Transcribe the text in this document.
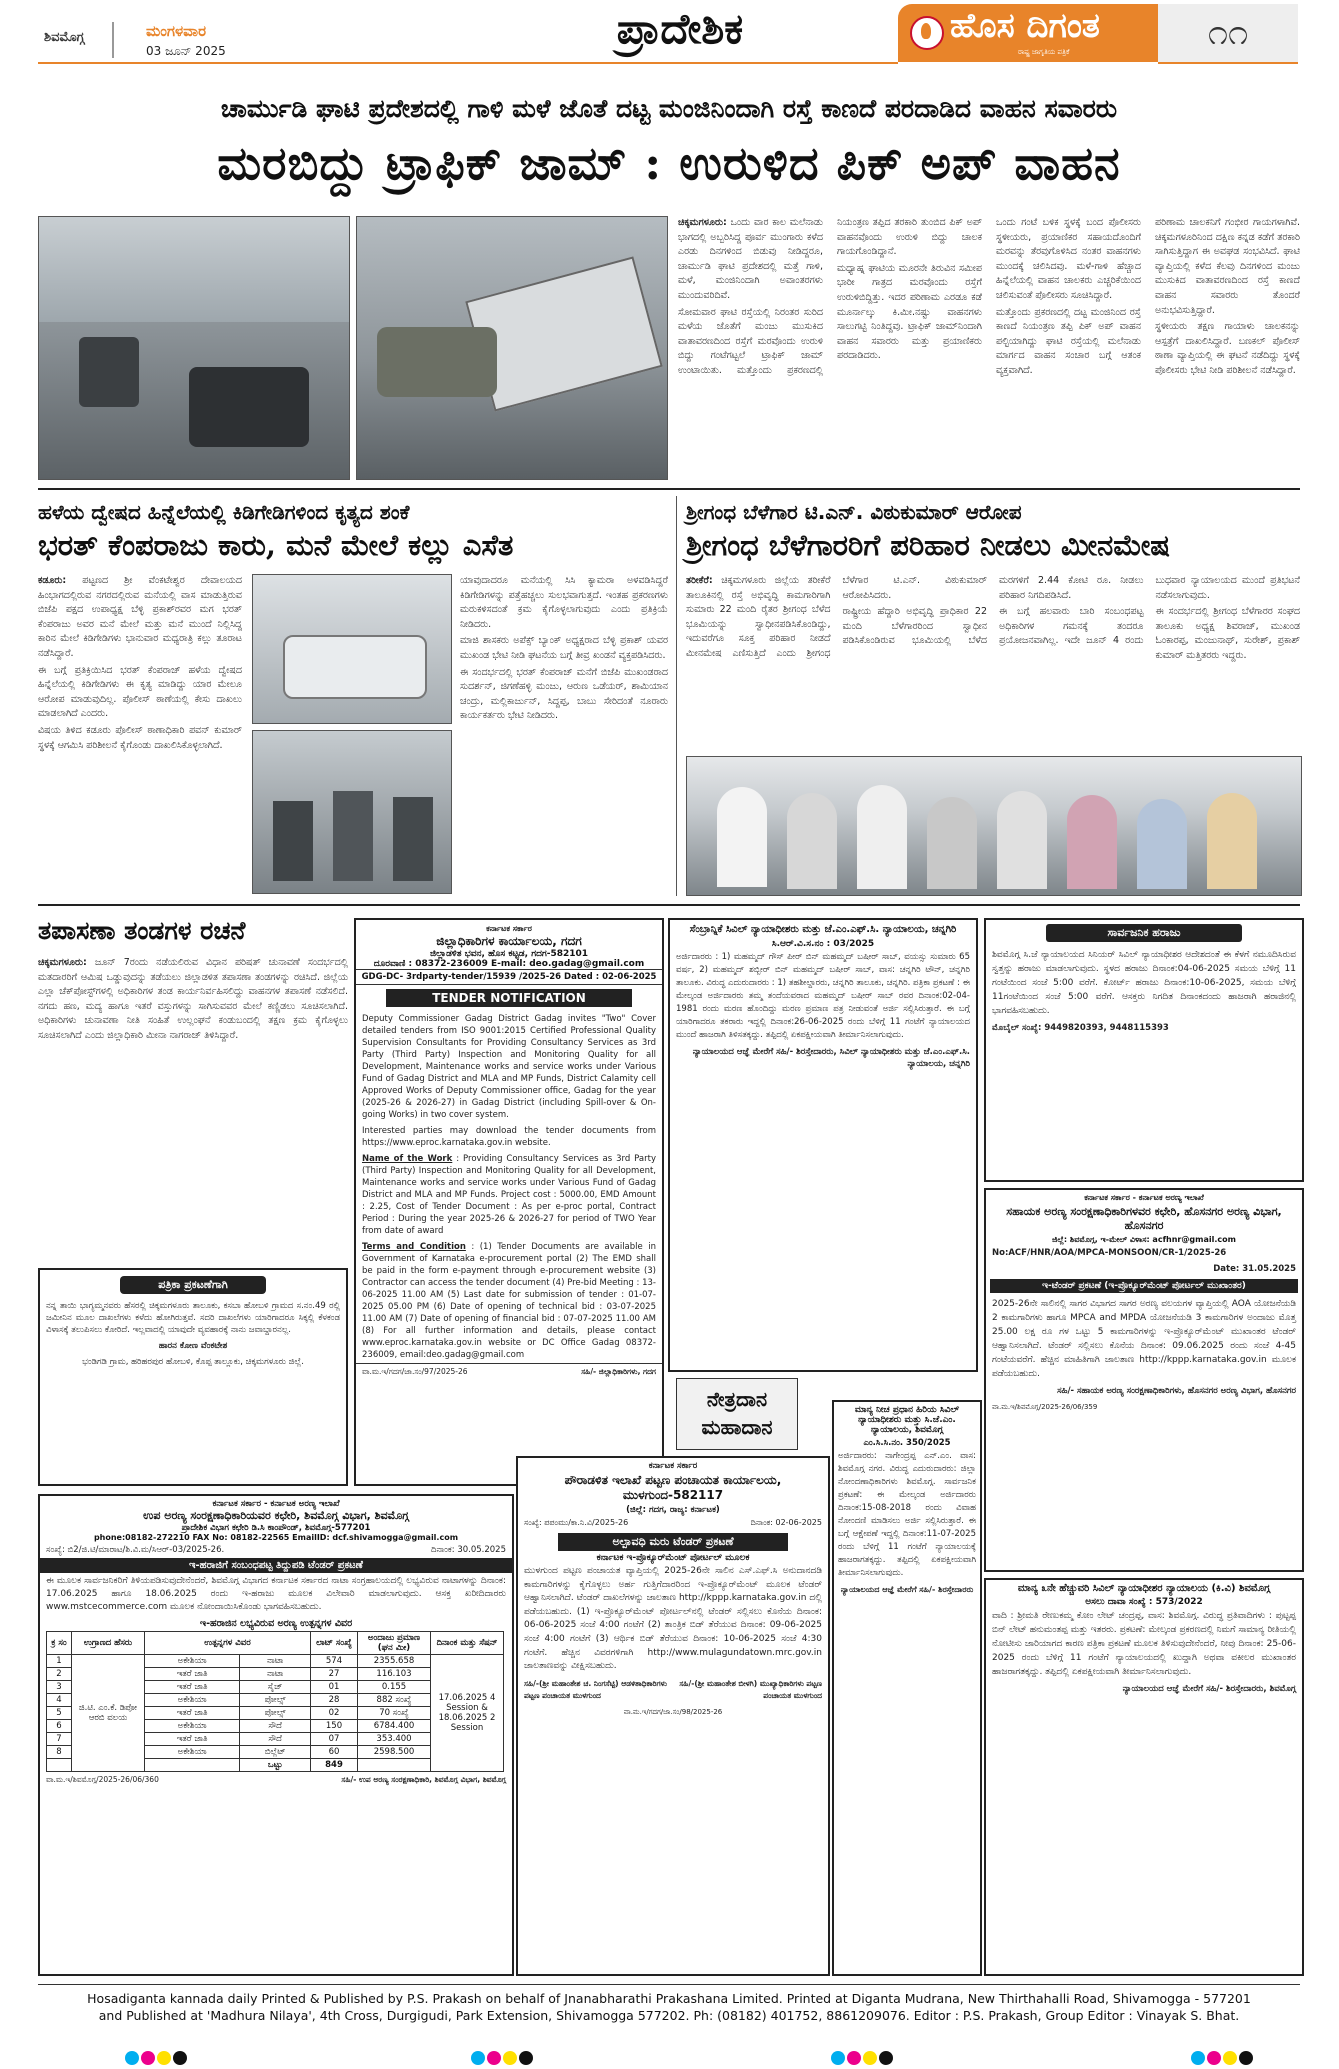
ಶಿವಮೊಗ್ಗ	ಮಂಗಳವಾರ
03 ಜೂನ್ 2025	ಪ್ರಾದೇಶಿಕ	ಹೊಸ ದಿಗಂತ
ರಾಷ್ಟ್ರ ಜಾಗೃತಿಯ ಪತ್ರಿಕೆ	೧೧
ಚಾರ್ಮುಡಿ ಘಾಟಿ ಪ್ರದೇಶದಲ್ಲಿ ಗಾಳಿ ಮಳೆ ಜೊತೆ ದಟ್ಟ ಮಂಜಿನಿಂದಾಗಿ ರಸ್ತೆ ಕಾಣದೆ ಪರದಾಡಿದ ವಾಹನ ಸವಾರರು
ಮರಬಿದ್ದು ಟ್ರಾಫಿಕ್ ಜಾಮ್ : ಉರುಳಿದ ಪಿಕ್ ಅಪ್ ವಾಹನ

ಚಿಕ್ಕಮಗಳೂರು: ಒಂದು ವಾರ ಕಾಲ ಮಲೆನಾಡು ಭಾಗದಲ್ಲಿ ಅಬ್ಬರಿಸಿದ್ದ ಪೂರ್ವ ಮುಂಗಾರು ಕಳೆದ ಎರಡು ದಿನಗಳಿಂದ ಬಿಡುವು ನೀಡಿದ್ದರೂ, ಚಾರ್ಮುಡಿ ಘಾಟಿ ಪ್ರದೇಶದಲ್ಲಿ ಮತ್ತೆ ಗಾಳಿ, ಮಳೆ, ಮಂಜಿನಿಂದಾಗಿ ಅವಾಂತರಗಳು ಮುಂದುವರಿದಿವೆ.

ಸೋಮವಾರ ಘಾಟಿ ರಸ್ತೆಯಲ್ಲಿ ನಿರಂತರ ಸುರಿದ ಮಳೆಯ ಜೊತೆಗೆ ಮಂಜು ಮುಸುಕಿದ ವಾತಾವರಣದಿಂದ ರಸ್ತೆಗೆ ಮರವೊಂದು ಉರುಳಿ ಬಿದ್ದು ಗಂಟೆಗಟ್ಟಲೆ ಟ್ರಾಫಿಕ್ ಜಾಮ್ ಉಂಟಾಯಿತು. ಮತ್ತೊಂದು ಪ್ರಕರಣದಲ್ಲಿ ನಿಯಂತ್ರಣ ತಪ್ಪಿದ ತರಕಾರಿ ತುಂಬಿದ ಪಿಕ್ ಅಪ್ ವಾಹನವೊಂದು ಉರುಳಿ ಬಿದ್ದು ಚಾಲಕ ಗಾಯಗೊಂಡಿದ್ದಾನೆ.

ಮಧ್ಯಾಹ್ನ ಘಾಟಿಯ ಮೂರನೇ ತಿರುವಿನ ಸಮೀಪ ಭಾರೀ ಗಾತ್ರದ ಮರವೊಂದು ರಸ್ತೆಗೆ ಉರುಳಿಬಿದ್ದಿತ್ತು. ಇದರ ಪರಿಣಾಮ ಎರಡೂ ಕಡೆ ಮೂರ್ನಾಲ್ಕು ಕಿ.ಮೀ.ನಷ್ಟು ವಾಹನಗಳು ಸಾಲುಗಟ್ಟಿ ನಿಂತಿದ್ದವು. ಟ್ರಾಫಿಕ್ ಜಾಮ್‌ನಿಂದಾಗಿ ವಾಹನ ಸವಾರರು ಮತ್ತು ಪ್ರಯಾಣಿಕರು ಪರದಾಡಿದರು.

ಒಂದು ಗಂಟೆ ಬಳಿಕ ಸ್ಥಳಕ್ಕೆ ಬಂದ ಪೊಲೀಸರು ಸ್ಥಳೀಯರು, ಪ್ರಯಾಣಿಕರ ಸಹಾಯದೊಂದಿಗೆ ಮರವನ್ನು ತೆರವುಗೊಳಿಸಿದ ನಂತರ ವಾಹನಗಳು ಮುಂದಕ್ಕೆ ಚಲಿಸಿದವು. ಮಳೆ-ಗಾಳಿ ಹೆಚ್ಚಾದ ಹಿನ್ನೆಲೆಯಲ್ಲಿ ವಾಹನ ಚಾಲಕರು ಎಚ್ಚರಿಕೆಯಿಂದ ಚಲಿಸುವಂತೆ ಪೊಲೀಸರು ಸೂಚಿಸಿದ್ದಾರೆ.

ಮತ್ತೊಂದು ಪ್ರಕರಣದಲ್ಲಿ ದಟ್ಟ ಮಂಜಿನಿಂದ ರಸ್ತೆ ಕಾಣದೆ ನಿಯಂತ್ರಣ ತಪ್ಪಿ ಪಿಕ್ ಅಪ್ ವಾಹನ ಪಲ್ಟಿಯಾಗಿದ್ದು ಘಾಟಿ ರಸ್ತೆಯಲ್ಲಿ ಮಲೆನಾಡು ಮಾರ್ಗದ ವಾಹನ ಸಂಚಾರ ಬಗ್ಗೆ ಆತಂಕ ವ್ಯಕ್ತವಾಗಿದೆ.

ಪರಿಣಾಮ ಚಾಲಕನಿಗೆ ಗಂಭೀರ ಗಾಯಗಳಾಗಿವೆ. ಚಿಕ್ಕಮಗಳೂರಿನಿಂದ ದಕ್ಷಿಣ ಕನ್ನಡ ಕಡೆಗೆ ತರಕಾರಿ ಸಾಗಿಸುತ್ತಿದ್ದಾಗ ಈ ಅವಘಡ ಸಂಭವಿಸಿದೆ. ಘಾಟಿ ವ್ಯಾಪ್ತಿಯಲ್ಲಿ ಕಳೆದ ಕೆಲವು ದಿನಗಳಿಂದ ಮಂಜು ಮುಸುಕಿದ ವಾತಾವರಣದಿಂದ ರಸ್ತೆ ಕಾಣದೆ ವಾಹನ ಸವಾರರು ತೊಂದರೆ ಅನುಭವಿಸುತ್ತಿದ್ದಾರೆ.

ಸ್ಥಳೀಯರು ತಕ್ಷಣ ಗಾಯಾಳು ಚಾಲಕನನ್ನು ಆಸ್ಪತ್ರೆಗೆ ದಾಖಲಿಸಿದ್ದಾರೆ. ಬಣಕಲ್ ಪೊಲೀಸ್ ಠಾಣಾ ವ್ಯಾಪ್ತಿಯಲ್ಲಿ ಈ ಘಟನೆ ನಡೆದಿದ್ದು ಸ್ಥಳಕ್ಕೆ ಪೊಲೀಸರು ಭೇಟಿ ನೀಡಿ ಪರಿಶೀಲನೆ ನಡೆಸಿದ್ದಾರೆ.

ಹಳೆಯ ದ್ವೇಷದ ಹಿನ್ನೆಲೆಯಲ್ಲಿ ಕಿಡಿಗೇಡಿಗಳಿಂದ ಕೃತ್ಯದ ಶಂಕೆ
ಭರತ್ ಕೆಂಪರಾಜು ಕಾರು, ಮನೆ ಮೇಲೆ ಕಲ್ಲು ಎಸೆತ

ಕಡೂರು: ಪಟ್ಟಣದ ಶ್ರೀ ವೆಂಕಟೇಶ್ವರ ದೇವಾಲಯದ ಹಿಂಭಾಗದಲ್ಲಿರುವ ನಗರದಲ್ಲಿರುವ ಮನೆಯಲ್ಲಿ ವಾಸ ಮಾಡುತ್ತಿರುವ ಬಿಜೆಪಿ ಪಕ್ಷದ ಉಪಾಧ್ಯಕ್ಷ ಬೆಳ್ಳಿ ಪ್ರಕಾಶ್‌ರವರ ಮಗ ಭರತ್ ಕೆಂಪರಾಜು ಅವರ ಮನೆ ಮೇಲೆ ಮತ್ತು ಮನೆ ಮುಂದೆ ನಿಲ್ಲಿಸಿದ್ದ ಕಾರಿನ ಮೇಲೆ ಕಿಡಿಗೇಡಿಗಳು ಭಾನುವಾರ ಮಧ್ಯರಾತ್ರಿ ಕಲ್ಲು ತೂರಾಟ ನಡೆಸಿದ್ದಾರೆ.

ಈ ಬಗ್ಗೆ ಪ್ರತಿಕ್ರಿಯಿಸಿದ ಭರತ್ ಕೆಂಪರಾಜ್ ಹಳೆಯ ದ್ವೇಷದ ಹಿನ್ನೆಲೆಯಲ್ಲಿ ಕಿಡಿಗೇಡಿಗಳು ಈ ಕೃತ್ಯ ಮಾಡಿದ್ದು ಯಾರ ಮೇಲೂ ಆರೋಪ ಮಾಡುವುದಿಲ್ಲ. ಪೊಲೀಸ್ ಠಾಣೆಯಲ್ಲಿ ಕೇಸು ದಾಖಲು ಮಾಡಲಾಗಿದೆ ಎಂದರು.

ವಿಷಯ ತಿಳಿದ ಕಡೂರು ಪೊಲೀಸ್ ಠಾಣಾಧಿಕಾರಿ ಪವನ್ ಕುಮಾರ್ ಸ್ಥಳಕ್ಕೆ ಆಗಮಿಸಿ ಪರಿಶೀಲನೆ ಕೈಗೊಂಡು ದಾಖಲಿಸಿಕೊಳ್ಳಲಾಗಿದೆ.

ಯಾವುದಾದರೂ ಮನೆಯಲ್ಲಿ ಸಿಸಿ ಕ್ಯಾಮರಾ ಅಳವಡಿಸಿದ್ದರೆ ಕಿಡಿಗೇಡಿಗಳನ್ನು ಪತ್ತೆಹಚ್ಚಲು ಸುಲಭವಾಗುತ್ತದೆ. ಇಂತಹ ಪ್ರಕರಣಗಳು ಮರುಕಳಿಸದಂತೆ ಕ್ರಮ ಕೈಗೊಳ್ಳಲಾಗುವುದು ಎಂದು ಪ್ರತಿಕ್ರಿಯೆ ನೀಡಿದರು.

ಮಾಜಿ ಶಾಸಕರು ಅಪೆಕ್ಸ್ ಬ್ಯಾಂಕ್ ಅಧ್ಯಕ್ಷರಾದ ಬೆಳ್ಳಿ ಪ್ರಕಾಶ್ ಯವರ ಮುಖಂಡ ಭೇಟಿ ನೀಡಿ ಘಟನೆಯ ಬಗ್ಗೆ ತೀವ್ರ ಖಂಡನೆ ವ್ಯಕ್ತಪಡಿಸಿದರು.

ಈ ಸಂದರ್ಭದಲ್ಲಿ ಭರತ್ ಕೆಂಪರಾಜ್ ಮನೆಗೆ ಬಿಜೆಪಿ ಮುಖಂಡರಾದ ಸುದರ್ಶನ್, ಜಿಗಣೆಹಳ್ಳಿ ಮಂಜು, ಆರುಣ ಒಡೆಯರ್, ಶಾಮಿಯಾನ ಚಂದ್ರು, ಮಲ್ಲಿಕಾರ್ಜುನ್, ಸಿದ್ದಪ್ಪ, ಬಾಬು ಸೇರಿದಂತೆ ನೂರಾರು ಕಾರ್ಯಕರ್ತರು ಭೇಟಿ ನೀಡಿದರು.

ಶ್ರೀಗಂಧ ಬೆಳೆಗಾರ ಟಿ.ಎನ್. ವಿಠುಕುಮಾರ್ ಆರೋಪ
ಶ್ರೀಗಂಧ ಬೆಳೆಗಾರರಿಗೆ ಪರಿಹಾರ ನೀಡಲು ಮೀನಮೇಷ

ತರೀಕೆರೆ: ಚಿಕ್ಕಮಗಳೂರು ಜಿಲ್ಲೆಯ ತರೀಕೆರೆ ತಾಲೂಕಿನಲ್ಲಿ ರಸ್ತೆ ಅಭಿವೃದ್ಧಿ ಕಾಮಗಾರಿಗಾಗಿ ಸುಮಾರು 22 ಮಂದಿ ರೈತರ ಶ್ರೀಗಂಧ ಬೆಳೆದ ಭೂಮಿಯನ್ನು ಸ್ವಾಧೀನಪಡಿಸಿಕೊಂಡಿದ್ದು, ಇದುವರೆಗೂ ಸೂಕ್ತ ಪರಿಹಾರ ನೀಡದೆ ಮೀನಮೇಷ ಎಣಿಸುತ್ತಿದೆ ಎಂದು ಶ್ರೀಗಂಧ ಬೆಳೆಗಾರ ಟಿ.ಎನ್. ವಿಠುಕುಮಾರ್ ಆರೋಪಿಸಿದರು.

ರಾಷ್ಟ್ರೀಯ ಹೆದ್ದಾರಿ ಅಭಿವೃದ್ಧಿ ಪ್ರಾಧಿಕಾರ 22 ಮಂದಿ ಬೆಳೆಗಾರರಿಂದ ಸ್ವಾಧೀನ ಪಡಿಸಿಕೊಂಡಿರುವ ಭೂಮಿಯಲ್ಲಿ ಬೆಳೆದ ಮರಗಳಿಗೆ 2.44 ಕೋಟಿ ರೂ. ನೀಡಲು ಪರಿಹಾರ ನಿಗದಿಪಡಿಸಿದೆ.

ಈ ಬಗ್ಗೆ ಹಲವಾರು ಬಾರಿ ಸಂಬಂಧಪಟ್ಟ ಅಧಿಕಾರಿಗಳ ಗಮನಕ್ಕೆ ತಂದರೂ ಪ್ರಯೋಜನವಾಗಿಲ್ಲ. ಇದೇ ಜೂನ್ 4 ರಂದು ಬುಧವಾರ ನ್ಯಾಯಾಲಯದ ಮುಂದೆ ಪ್ರತಿಭಟನೆ ನಡೆಸಲಾಗುವುದು.

ಈ ಸಂದರ್ಭದಲ್ಲಿ ಶ್ರೀಗಂಧ ಬೆಳೆಗಾರರ ಸಂಘದ ತಾಲೂಕು ಅಧ್ಯಕ್ಷ ಶಿವರಾಜ್, ಮುಖಂಡ ಓಂಕಾರಪ್ಪ, ಮಂಜುನಾಥ್, ಸುರೇಶ್, ಪ್ರಕಾಶ್ ಕುಮಾರ್ ಮತ್ತಿತರರು ಇದ್ದರು.

ತಪಾಸಣಾ ತಂಡಗಳ ರಚನೆ

ಚಿಕ್ಕಮಗಳೂರು: ಜೂನ್ 7ರಂದು ನಡೆಯಲಿರುವ ವಿಧಾನ ಪರಿಷತ್ ಚುನಾವಣೆ ಸಂದರ್ಭದಲ್ಲಿ ಮತದಾರರಿಗೆ ಆಮಿಷ ಒಡ್ಡುವುದನ್ನು ತಡೆಯಲು ಜಿಲ್ಲಾಡಳಿತ ತಪಾಸಣಾ ತಂಡಗಳನ್ನು ರಚಿಸಿದೆ. ಜಿಲ್ಲೆಯ ಎಲ್ಲಾ ಚೆಕ್‌ಪೋಸ್ಟ್‌ಗಳಲ್ಲಿ ಅಧಿಕಾರಿಗಳ ತಂಡ ಕಾರ್ಯನಿರ್ವಹಿಸಲಿದ್ದು ವಾಹನಗಳ ತಪಾಸಣೆ ನಡೆಸಲಿದೆ. ನಗದು ಹಣ, ಮದ್ಯ ಹಾಗೂ ಇತರೆ ವಸ್ತುಗಳನ್ನು ಸಾಗಿಸುವವರ ಮೇಲೆ ಕಣ್ಣಿಡಲು ಸೂಚಿಸಲಾಗಿದೆ. ಅಧಿಕಾರಿಗಳು ಚುನಾವಣಾ ನೀತಿ ಸಂಹಿತೆ ಉಲ್ಲಂಘನೆ ಕಂಡುಬಂದಲ್ಲಿ ತಕ್ಷಣ ಕ್ರಮ ಕೈಗೊಳ್ಳಲು ಸೂಚಿಸಲಾಗಿದೆ ಎಂದು ಜಿಲ್ಲಾಧಿಕಾರಿ ಮೀನಾ ನಾಗರಾಜ್ ತಿಳಿಸಿದ್ದಾರೆ.

ಪತ್ರಿಕಾ ಪ್ರಕಟಣೆಗಾಗಿ
ನನ್ನ ತಾಯಿ ಭಾಗ್ಯಮ್ಮನವರು ಹೆಸರಲ್ಲಿ ಚಿಕ್ಕಮಗಳೂರು ತಾಲೂಕು, ಕಸಬಾ ಹೋಬಳಿ ಗ್ರಾಮದ ಸ.ನಂ.49 ರಲ್ಲಿ ಜಮೀನಿನ ಮೂಲ ದಾಖಲೆಗಳು ಕಳೆದು ಹೋಗಿರುತ್ತವೆ. ಸದರಿ ದಾಖಲೆಗಳು ಯಾರಿಗಾದರೂ ಸಿಕ್ಕಲ್ಲಿ ಕೆಳಕಂಡ ವಿಳಾಸಕ್ಕೆ ತಲುಪಿಸಲು ಕೋರಿದೆ. ಇಲ್ಲವಾದಲ್ಲಿ ಯಾವುದೇ ವ್ಯವಹಾರಕ್ಕೆ ನಾನು ಜವಾಬ್ದಾರನಲ್ಲ.
ಹಾರನ ಕೋಣ ವೆಂಕಟೇಶ
ಭಂಡಿಗಡಿ ಗ್ರಾಮ, ಹರಿಹರಪುರ ಹೋಬಳಿ, ಕೊಪ್ಪ ತಾಲ್ಲೂಕು, ಚಿಕ್ಕಮಗಳೂರು ಜಿಲ್ಲೆ.
ಕರ್ನಾಟಕ ಸರ್ಕಾರ
ಜಿಲ್ಲಾಧಿಕಾರಿಗಳ ಕಾರ್ಯಾಲಯ, ಗದಗ
ಜಿಲ್ಲಾಡಳಿತ ಭವನ, ಹೊಸ ಕಟ್ಟಡ, ಗದಗ-582101
ದೂರವಾಣಿ : 08372-236009 E-mail: deo.gadag@gmail.com
GDG-DC- 3rdparty-tender/15939 /2025-26 Dated : 02-06-2025
TENDER NOTIFICATION
Deputy Commissioner Gadag District Gadag invites "Two" Cover detailed tenders from ISO 9001:2015 Certified Professional Quality Supervision Consultants for Providing Consultancy Services as 3rd Party (Third Party) Inspection and Monitoring Quality for all Development, Maintenance works and service works under Various Fund of Gadag District and MLA and MP Funds, District Calamity cell Approved Works of Deputy Commissioner office, Gadag for the year (2025-26 & 2026-27) in Gadag District (including Spill-over & On-going Works) in two cover system.
Interested parties may download the tender documents from https://www.eproc.karnataka.gov.in website.
Name of the Work : Providing Consultancy Services as 3rd Party (Third Party) Inspection and Monitoring Quality for all Development, Maintenance works and service works under Various Fund of Gadag District and MLA and MP Funds. Project cost : 5000.00, EMD Amount : 2.25, Cost of Tender Document : As per e-proc portal, Contract Period : During the year 2025-26 & 2026-27 for period of TWO Year from date of award
Terms and Condition : (1) Tender Documents are available in Government of Karnataka e-procurement portal (2) The EMD shall be paid in the form e-payment through e-procurement website (3) Contractor can access the tender document (4) Pre-bid Meeting : 13-06-2025 11.00 AM (5) Last date for submission of tender : 01-07-2025 05.00 PM (6) Date of opening of technical bid : 03-07-2025 11.00 AM (7) Date of opening of financial bid : 07-07-2025 11.00 AM (8) For all further information and details, please contact www.eproc.karnataka.gov.in website or DC Office Gadag 08372-236009, email:deo.gadag@gmail.com
ವಾ.ಮ.ಇ/ಗದಗ/ಜಾ.ಸಂ/97/2025-26	ಸಹಿ/- ಜಿಲ್ಲಾಧಿಕಾರಿಗಳು, ಗದಗ
ಸೆಂಬ್ರಾನ್ನಿಕೆ ಸಿವಿಲ್ ನ್ಯಾಯಾಧೀಶರು ಮತ್ತು ಜೆ.ಎಂ.ಎಫ್.ಸಿ. ನ್ಯಾಯಾಲಯ, ಚನ್ನಗಿರಿ
ಸಿ.ಆರ್.ವಿ.ಸ.ನಂ : 03/2025
ಅರ್ಜಿದಾರರು : 1) ಮಹಮ್ಮದ್ ಗೌಸ್ ಪೀರ್ ಬಿನ್ ಮಹಮ್ಮದ್ ಬಷೀರ್ ಸಾಬ್, ವಯಸ್ಸು ಸುಮಾರು 65 ವರ್ಷ, 2) ಮಹಮ್ಮದ್ ಶಬ್ಬೀರ್ ಬಿನ್ ಮಹಮ್ಮದ್ ಬಷೀರ್ ಸಾಬ್, ವಾಸ: ಚನ್ನಗಿರಿ ಟೌನ್, ಚನ್ನಗಿರಿ ತಾಲೂಕು. ವಿರುದ್ಧ ಎದುರುದಾರರು : 1) ತಹಶೀಲ್ದಾರರು, ಚನ್ನಗಿರಿ ತಾಲೂಕು, ಚನ್ನಗಿರಿ. ಪತ್ರಿಕಾ ಪ್ರಕಟಣೆ : ಈ ಮೇಲ್ಕಂಡ ಅರ್ಜಿದಾರರು ತಮ್ಮ ತಂದೆಯವರಾದ ಮಹಮ್ಮದ್ ಬಷೀರ್ ಸಾಬ್ ರವರ ದಿನಾಂಕ:02-04-1981 ರಂದು ಮರಣ ಹೊಂದಿದ್ದು ಮರಣ ಪ್ರಮಾಣ ಪತ್ರ ನೀಡುವಂತೆ ಅರ್ಜಿ ಸಲ್ಲಿಸಿರುತ್ತಾರೆ. ಈ ಬಗ್ಗೆ ಯಾರಿಗಾದರೂ ತಕರಾರು ಇದ್ದಲ್ಲಿ ದಿನಾಂಕ:26-06-2025 ರಂದು ಬೆಳಿಗ್ಗೆ 11 ಗಂಟೆಗೆ ನ್ಯಾಯಾಲಯದ ಮುಂದೆ ಹಾಜರಾಗಿ ತಿಳಿಸತಕ್ಕದ್ದು. ತಪ್ಪಿದಲ್ಲಿ ಏಕಪಕ್ಷೀಯವಾಗಿ ತೀರ್ಮಾನಿಸಲಾಗುವುದು.
ನ್ಯಾಯಾಲಯದ ಆಜ್ಞೆ ಮೇರೆಗೆ ಸಹಿ/- ಶಿರಸ್ತೇದಾರರು, ಸಿವಿಲ್ ನ್ಯಾಯಾಧೀಶರು ಮತ್ತು ಜೆ.ಎಂ.ಎಫ್.ಸಿ. ನ್ಯಾಯಾಲಯ, ಚನ್ನಗಿರಿ
ನೇತ್ರದಾನ ಮಹಾದಾನ
ಸಾರ್ವಜನಿಕ ಹರಾಜು
ಶಿವಮೊಗ್ಗ ಸಿ.ಜೆ ನ್ಯಾಯಾಲಯದ ಸಿನಿಯರ್ ಸಿವಿಲ್ ನ್ಯಾಯಾಧೀಶರ ಆದೇಶದಂತೆ ಈ ಕೆಳಗೆ ನಮೂದಿಸಿರುವ ಸ್ವತ್ತನ್ನು ಹರಾಜು ಮಾಡಲಾಗುವುದು. ಸ್ಥಳದ ಹರಾಜು ದಿನಾಂಕ:04-06-2025 ಸಮಯ ಬೆಳಿಗ್ಗೆ 11 ಗಂಟೆಯಿಂದ ಸಂಜೆ 5:00 ವರೆಗೆ. ಕೋರ್ಟ್ ಹರಾಜು ದಿನಾಂಕ:10-06-2025, ಸಮಯ ಬೆಳಿಗ್ಗೆ 11ಗಂಟೆಯಿಂದ ಸಂಜೆ 5:00 ವರೆಗೆ. ಆಸಕ್ತರು ನಿಗದಿತ ದಿನಾಂಕದಂದು ಹಾಜರಾಗಿ ಹರಾಜಿನಲ್ಲಿ ಭಾಗವಹಿಸಬಹುದು.
ಮೊಬೈಲ್ ಸಂಖ್ಯೆ: 9449820393, 9448115393
ಕರ್ನಾಟಕ ಸರ್ಕಾರ - ಕರ್ನಾಟಕ ಅರಣ್ಯ ಇಲಾಖೆ
ಸಹಾಯಕ ಅರಣ್ಯ ಸಂರಕ್ಷಣಾಧಿಕಾರಿಗಳವರ ಕಛೇರಿ, ಹೊಸನಗರ ಅರಣ್ಯ ವಿಭಾಗ, ಹೊಸನಗರ
ಜಿಲ್ಲೆ: ಶಿವಮೊಗ್ಗ, ಇ-ಮೇಲ್ ವಿಳಾಸ: acfhnr@gmail.com
No:ACF/HNR/AOA/MPCA-MONSOON/CR-1/2025-26
Date: 31.05.2025
ಇ-ಟೆಂಡರ್ ಪ್ರಕಟಣೆ (ಇ-ಪ್ರೊಕ್ಯೂರ್‌ಮೆಂಟ್ ಪೋರ್ಟಲ್ ಮುಖಾಂತರ)
2025-26ನೇ ಸಾಲಿನಲ್ಲಿ ಸಾಗರ ವಿಭಾಗದ ಸಾಗರ ಅರಣ್ಯ ವಲಯಗಳ ವ್ಯಾಪ್ತಿಯಲ್ಲಿ AOA ಯೋಜನೆಯಡಿ 2 ಕಾಮಗಾರಿಗಳು ಹಾಗೂ MPCA and MPDA ಯೋಜನೆಯಡಿ 3 ಕಾಮಗಾರಿಗಳ ಅಂದಾಜು ಮೊತ್ತ 25.00 ಲಕ್ಷ ರೂ ಗಳ ಒಟ್ಟು 5 ಕಾಮಗಾರಿಗಳನ್ನು ಇ-ಪ್ರೊಕ್ಯೂರ್‌ಮೆಂಟ್ ಮುಖಾಂತರ ಟೆಂಡರ್ ಆಹ್ವಾನಿಸಲಾಗಿದೆ. ಟೆಂಡರ್ ಸಲ್ಲಿಸಲು ಕೊನೆಯ ದಿನಾಂಕ: 09.06.2025 ರಂದು ಸಂಜೆ 4-45 ಗಂಟೆಯವರೆಗೆ. ಹೆಚ್ಚಿನ ಮಾಹಿತಿಗಾಗಿ ಜಾಲತಾಣ http://kppp.karnataka.gov.in ಮೂಲಕ ಪಡೆಯಬಹುದು.
ಸಹಿ/- ಸಹಾಯಕ ಅರಣ್ಯ ಸಂರಕ್ಷಣಾಧಿಕಾರಿಗಳು, ಹೊಸನಗರ ಅರಣ್ಯ ವಿಭಾಗ, ಹೊಸನಗರ
ವಾ.ಮ.ಇ/ಶಿವಮೊಗ್ಗ/2025-26/06/359
ಕರ್ನಾಟಕ ಸರ್ಕಾರ - ಕರ್ನಾಟಕ ಅರಣ್ಯ ಇಲಾಖೆ
ಉಪ ಅರಣ್ಯ ಸಂರಕ್ಷಣಾಧಿಕಾರಿಯವರ ಕಛೇರಿ, ಶಿವಮೊಗ್ಗ ವಿಭಾಗ, ಶಿವಮೊಗ್ಗ
ಪ್ರಾದೇಶಿಕ ವಿಭಾಗ ಕಛೇರಿ ಡಿ.ಸಿ ಕಾಂಪೌಂಡ್, ಶಿವಮೊಗ್ಗ-577201
phone:08182-272210 FAX No: 08182-22565 EmailID: dcf.shivamogga@gmail.com
ಸಂಖ್ಯೆ: ಬಿ2/ಜಿ.ಟಿ/ಮಾರಾಟ/ಶಿ.ವಿ.ಮ/ಸಿಆರ್-03/2025-26.	ದಿನಾಂಕ: 30.05.2025
ಇ-ಹರಾಜಿಗೆ ಸಂಬಂಧಪಟ್ಟ ತಿದ್ದುಪಡಿ ಟೆಂಡರ್ ಪ್ರಕಟಣೆ
ಈ ಮೂಲಕ ಸಾರ್ವಜನಿಕರಿಗೆ ತಿಳಿಯಪಡಿಸುವುದೇನೆಂದರೆ, ಶಿವಮೊಗ್ಗ ವಿಭಾಗದ ಕರ್ನಾಟಕ ಸರ್ಕಾರದ ನಾಟಾ ಸಂಗ್ರಹಾಲಯದಲ್ಲಿ ಲಭ್ಯವಿರುವ ನಾಟಾಗಳನ್ನು ದಿನಾಂಕ: 17.06.2025 ಹಾಗೂ 18.06.2025 ರಂದು ಇ-ಹರಾಜು ಮೂಲಕ ವಿಲೇವಾರಿ ಮಾಡಲಾಗುವುದು. ಆಸಕ್ತ ಖರೀದಿದಾರರು www.mstcecommerce.com ಮೂಲಕ ನೋಂದಾಯಿಸಿಕೊಂಡು ಭಾಗವಹಿಸಬಹುದು.
ಇ-ಹರಾಜಿನ ಲಭ್ಯವಿರುವ ಅರಣ್ಯ ಉತ್ಪನ್ನಗಳ ವಿವರ
ಕ್ರ ಸಂ	ಉಗ್ರಾಣದ ಹೆಸರು	ಉತ್ಪನ್ನಗಳ ವಿವರ		ಲಾಟ್ ಸಂಖ್ಯೆ	ಅಂದಾಜು ಪ್ರಮಾಣ (ಘನ ಮೀ)	ದಿನಾಂಕ ಮತ್ತು ಸೆಷನ್
1	ಜಿ.ಟಿ. ಎಂ.ಕೆ. ಡಿಪೋ ಆರಬಿ ವಲಯ	ಅಕೇಶಿಯಾ	ನಾಟಾ	574	2355.658	17.06.2025 4 Session & 18.06.2025 2 Session
2		ಇತರೆ ಜಾತಿ	ನಾಟಾ	27	116.103	
3		ಇತರೆ ಜಾತಿ	ಸೈಜ್	01	0.155	
4		ಅಕೇಶಿಯಾ	ಪೋಲ್ಸ್	28	882 ಸಂಖ್ಯೆ	
5		ಇತರೆ ಜಾತಿ	ಪೋಲ್ಸ್	02	70 ಸಂಖ್ಯೆ	
6		ಅಕೇಶಿಯಾ	ಸೌದೆ	150	6784.400	
7		ಇತರೆ ಜಾತಿ	ಸೌದೆ	07	353.400	
8		ಅಕೇಶಿಯಾ	ಬಿಲ್ಲೆಟ್	60	2598.500	
			ಒಟ್ಟು	849		
ವಾ.ಮ.ಇ/ಶಿವಮೊಗ್ಗ/2025-26/06/360	ಸಹಿ/- ಉಪ ಅರಣ್ಯ ಸಂರಕ್ಷಣಾಧಿಕಾರಿ, ಶಿವಮೊಗ್ಗ ವಿಭಾಗ, ಶಿವಮೊಗ್ಗ
ಕರ್ನಾಟಕ ಸರ್ಕಾರ
ಪೌರಾಡಳಿತ ಇಲಾಖೆ ಪಟ್ಟಣ ಪಂಚಾಯತ ಕಾರ್ಯಾಲಯ, ಮುಳಗುಂದ-582117
(ಜಿಲ್ಲೆ: ಗದಗ, ರಾಜ್ಯ: ಕರ್ನಾಟಕ)
ಸಂಖ್ಯೆ: ಪಪಂಮು/ಕಾ.ನಿ.ವಿ/2025-26	ದಿನಾಂಕ: 02-06-2025
ಅಲ್ಪಾವಧಿ ಮರು ಟೆಂಡರ್ ಪ್ರಕಟಣೆ
ಕರ್ನಾಟಕ ಇ-ಪ್ರೊಕ್ಯೂರ್‌ಮೆಂಟ್ ಪೋರ್ಟಲ್ ಮೂಲಕ
ಮುಳಗುಂದ ಪಟ್ಟಣ ಪಂಚಾಯತ ವ್ಯಾಪ್ತಿಯಲ್ಲಿ 2025-26ನೇ ಸಾಲಿನ ಎಸ್.ಎಫ್.ಸಿ ಅನುದಾನದಡಿ ಕಾಮಗಾರಿಗಳನ್ನು ಕೈಗೊಳ್ಳಲು ಅರ್ಹ ಗುತ್ತಿಗೆದಾರರಿಂದ ಇ-ಪ್ರೊಕ್ಯೂರ್‌ಮೆಂಟ್ ಮೂಲಕ ಟೆಂಡರ್ ಆಹ್ವಾನಿಸಲಾಗಿದೆ. ಟೆಂಡರ್ ದಾಖಲೆಗಳನ್ನು ಜಾಲತಾಣ http://kppp.karnataka.gov.in ದಲ್ಲಿ ಪಡೆಯಬಹುದು. (1) ಇ-ಪ್ರೊಕ್ಯೂರ್‌ಮೆಂಟ್ ಪೋರ್ಟಲ್‌ನಲ್ಲಿ ಟೆಂಡರ್ ಸಲ್ಲಿಸಲು ಕೊನೆಯ ದಿನಾಂಕ: 06-06-2025 ಸಂಜೆ 4:00 ಗಂಟೆಗೆ (2) ತಾಂತ್ರಿಕ ಬಿಡ್ ತೆರೆಯುವ ದಿನಾಂಕ: 09-06-2025 ಸಂಜೆ 4:00 ಗಂಟೆಗೆ (3) ಆರ್ಥಿಕ ಬಿಡ್ ತೆರೆಯುವ ದಿನಾಂಕ: 10-06-2025 ಸಂಜೆ 4:30 ಗಂಟೆಗೆ. ಹೆಚ್ಚಿನ ವಿವರಗಳಿಗಾಗಿ http://www.mulagundatown.mrc.gov.in ಜಾಲತಾಣವನ್ನು ವೀಕ್ಷಿಸಬಹುದು.
ಸಹಿ/-(ಶ್ರೀ ಮಹಾಂತೇಶ ಚ. ನಿಂಗಸೆಟ್ಟಿ) ಆಡಳಿತಾಧಿಕಾರಿಗಳು ಪಟ್ಟಣ ಪಂಚಾಯತ ಮುಳಗುಂದ
ಸಹಿ/-(ಶ್ರೀ ಮಹಾಂತೇಶ ಬೀಳಗಿ) ಮುಖ್ಯಾಧಿಕಾರಿಗಳು ಪಟ್ಟಣ ಪಂಚಾಯತ ಮುಳಗುಂದ
ವಾ.ಮ.ಇ/ಗದಗ/ಜಾ.ಸಂ/98/2025-26
ಮಾನ್ಯ ನೀಚ ಪ್ರಧಾನ ಹಿರಿಯ ಸಿವಿಲ್ ನ್ಯಾಯಾಧೀಶರು ಮತ್ತು ಸಿ.ಜೆ.ಎಂ. ನ್ಯಾಯಾಲಯ, ಶಿವಮೊಗ್ಗ
ಎಂ.ಸಿ.ಸಿ.ನಂ. 350/2025
ಅರ್ಜಿದಾರರು: ನಾಗೇಂದ್ರಪ್ಪ ಎನ್.ಎಂ. ವಾಸ: ಶಿವಮೊಗ್ಗ ನಗರ. ವಿರುದ್ಧ ಎದುರುದಾರರು: ಜಿಲ್ಲಾ ನೋಂದಣಾಧಿಕಾರಿಗಳು ಶಿವಮೊಗ್ಗ. ಸಾರ್ವಜನಿಕ ಪ್ರಕಟಣೆ: ಈ ಮೇಲ್ಕಂಡ ಅರ್ಜಿದಾರರು ದಿನಾಂಕ:15-08-2018 ರಂದು ವಿವಾಹ ನೋಂದಣಿ ಮಾಡಿಸಲು ಅರ್ಜಿ ಸಲ್ಲಿಸಿರುತ್ತಾರೆ. ಈ ಬಗ್ಗೆ ಆಕ್ಷೇಪಣೆ ಇದ್ದಲ್ಲಿ ದಿನಾಂಕ:11-07-2025 ರಂದು ಬೆಳಿಗ್ಗೆ 11 ಗಂಟೆಗೆ ನ್ಯಾಯಾಲಯಕ್ಕೆ ಹಾಜರಾಗತಕ್ಕದ್ದು. ತಪ್ಪಿದಲ್ಲಿ ಏಕಪಕ್ಷೀಯವಾಗಿ ತೀರ್ಮಾನಿಸಲಾಗುವುದು.
ನ್ಯಾಯಾಲಯದ ಆಜ್ಞೆ ಮೇರೆಗೆ ಸಹಿ/- ಶಿರಸ್ತೇದಾರರು	ಮಾನ್ಯ ೩ನೇ ಹೆಚ್ಚುವರಿ ಸಿವಿಲ್ ನ್ಯಾಯಾಧೀಶರ ನ್ಯಾಯಾಲಯ (ಕಿ.ವಿ) ಶಿವಮೊಗ್ಗ
ಅಸಲು ದಾವಾ ಸಂಖ್ಯೆ : 573/2022
ವಾದಿ : ಶ್ರೀಮತಿ ರೇಣುಕಮ್ಮ ಕೋಂ ಲೇಟ್ ಚಂದ್ರಪ್ಪ, ವಾಸ: ಶಿವಮೊಗ್ಗ. ವಿರುದ್ಧ ಪ್ರತಿವಾದಿಗಳು : ಪುಟ್ಟಪ್ಪ ಬಿನ್ ಲೇಟ್ ಹನುಮಂತಪ್ಪ ಮತ್ತು ಇತರರು. ಪ್ರಕಟಣೆ: ಮೇಲ್ಕಂಡ ಪ್ರಕರಣದಲ್ಲಿ ನಿಮಗೆ ಸಾಮಾನ್ಯ ರೀತಿಯಲ್ಲಿ ನೋಟೀಸು ಜಾರಿಯಾಗದ ಕಾರಣ ಪತ್ರಿಕಾ ಪ್ರಕಟಣೆ ಮೂಲಕ ತಿಳಿಸುವುದೇನೆಂದರೆ, ನೀವು ದಿನಾಂಕ: 25-06-2025 ರಂದು ಬೆಳಿಗ್ಗೆ 11 ಗಂಟೆಗೆ ನ್ಯಾಯಾಲಯದಲ್ಲಿ ಖುದ್ದಾಗಿ ಅಥವಾ ವಕೀಲರ ಮುಖಾಂತರ ಹಾಜರಾಗತಕ್ಕದ್ದು. ತಪ್ಪಿದಲ್ಲಿ ಏಕಪಕ್ಷೀಯವಾಗಿ ತೀರ್ಮಾನಿಸಲಾಗುವುದು.
ನ್ಯಾಯಾಲಯದ ಆಜ್ಞೆ ಮೇರೆಗೆ ಸಹಿ/- ಶಿರಸ್ತೇದಾರರು, ಶಿವಮೊಗ್ಗ
Hosadiganta kannada daily Printed & Published by P.S. Prakash on behalf of Jnanabharathi Prakashana Limited. Printed at Diganta Mudrana, New Thirthahalli Road, Shivamogga - 577201
and Published at 'Madhura Nilaya', 4th Cross, Durgigudi, Park Extension, Shivamogga 577202. Ph: (08182) 401752, 8861209076. Editor : P.S. Prakash, Group Editor : Vinayak S. Bhat.
